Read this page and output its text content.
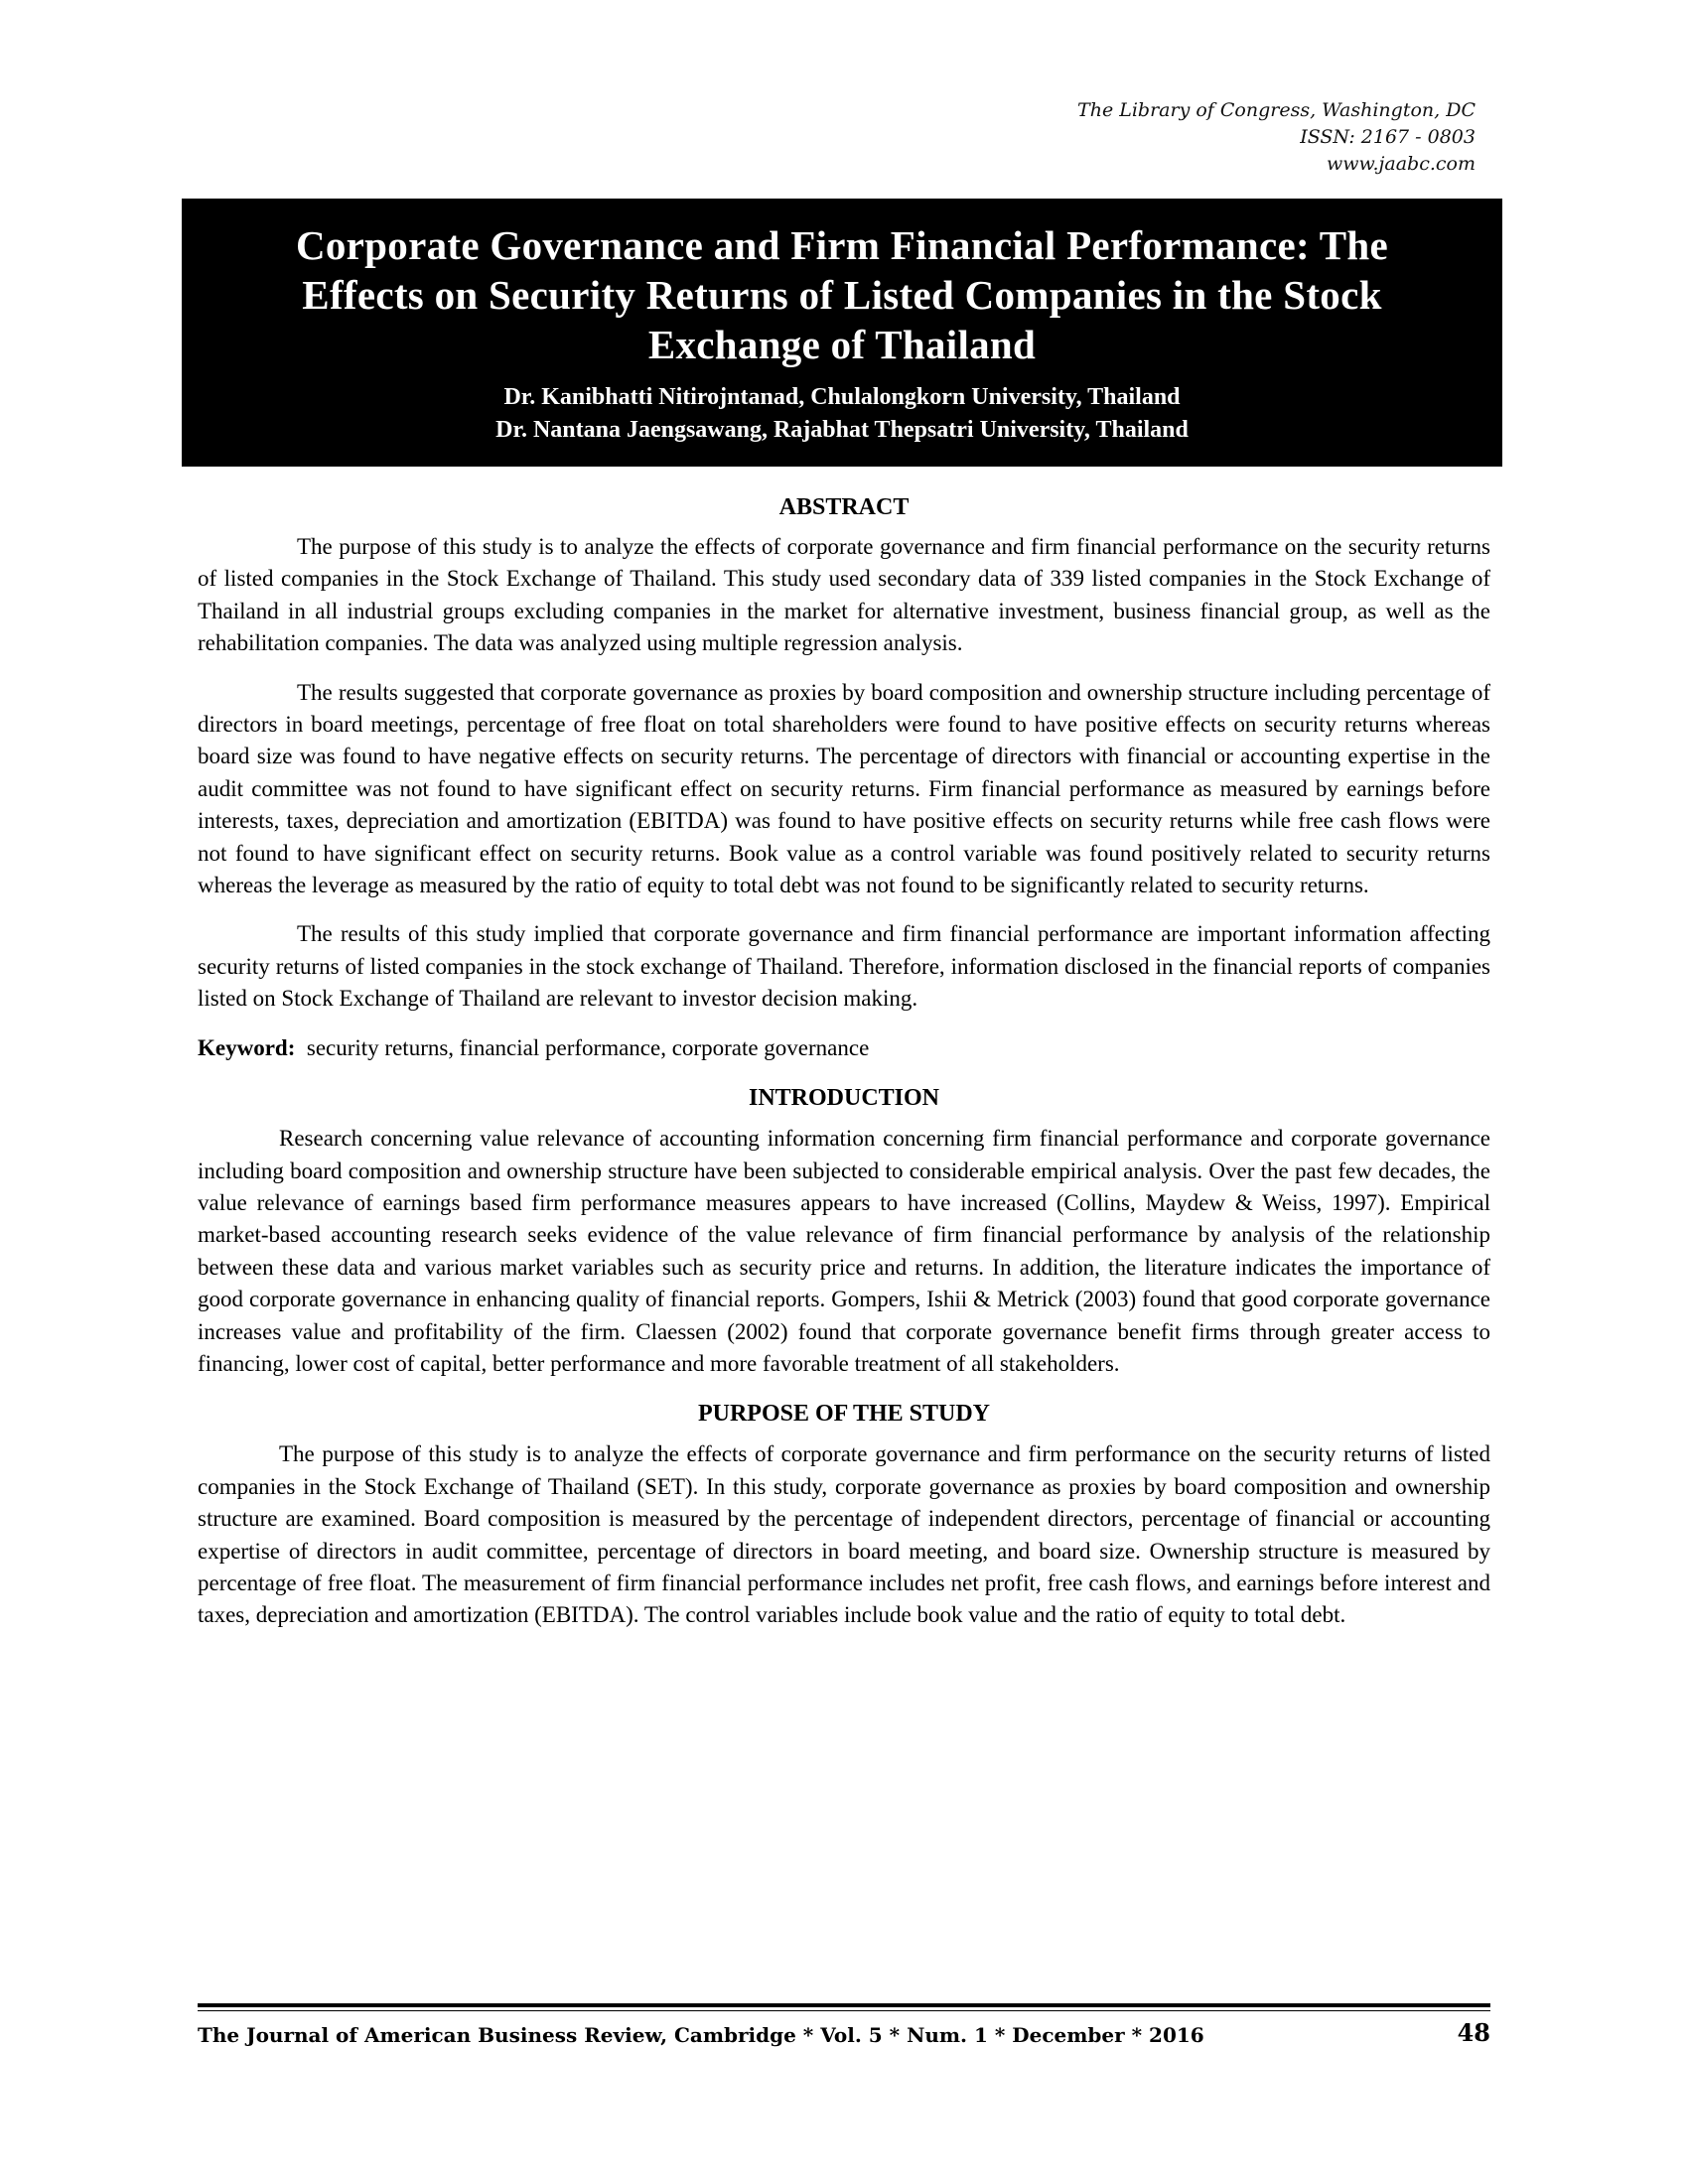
The Library of Congress, Washington, DC
ISSN: 2167 - 0803
www.jaabc.com
Corporate Governance and Firm Financial Performance: The Effects on Security Returns of Listed Companies in the Stock Exchange of Thailand
Dr. Kanibhatti Nitirojntanad, Chulalongkorn University, Thailand
Dr. Nantana Jaengsawang, Rajabhat Thepsatri University, Thailand
ABSTRACT

The purpose of this study is to analyze the effects of corporate governance and firm financial performance on the security returns of listed companies in the Stock Exchange of Thailand. This study used secondary data of 339 listed companies in the Stock Exchange of Thailand in all industrial groups excluding companies in the market for alternative investment, business financial group, as well as the rehabilitation companies. The data was analyzed using multiple regression analysis.

The results suggested that corporate governance as proxies by board composition and ownership structure including percentage of directors in board meetings, percentage of free float on total shareholders were found to have positive effects on security returns whereas board size was found to have negative effects on security returns. The percentage of directors with financial or accounting expertise in the audit committee was not found to have significant effect on security returns. Firm financial performance as measured by earnings before interests, taxes, depreciation and amortization (EBITDA) was found to have positive effects on security returns while free cash flows were not found to have significant effect on security returns. Book value as a control variable was found positively related to security returns whereas the leverage as measured by the ratio of equity to total debt was not found to be significantly related to security returns.

The results of this study implied that corporate governance and firm financial performance are important information affecting security returns of listed companies in the stock exchange of Thailand. Therefore, information disclosed in the financial reports of companies listed on Stock Exchange of Thailand are relevant to investor decision making.

Keyword: security returns, financial performance, corporate governance

INTRODUCTION

Research concerning value relevance of accounting information concerning firm financial performance and corporate governance including board composition and ownership structure have been subjected to considerable empirical analysis. Over the past few decades, the value relevance of earnings based firm performance measures appears to have increased (Collins, Maydew & Weiss, 1997). Empirical market-based accounting research seeks evidence of the value relevance of firm financial performance by analysis of the relationship between these data and various market variables such as security price and returns. In addition, the literature indicates the importance of good corporate governance in enhancing quality of financial reports. Gompers, Ishii & Metrick (2003) found that good corporate governance increases value and profitability of the firm. Claessen (2002) found that corporate governance benefit firms through greater access to financing, lower cost of capital, better performance and more favorable treatment of all stakeholders.

PURPOSE OF THE STUDY

The purpose of this study is to analyze the effects of corporate governance and firm performance on the security returns of listed companies in the Stock Exchange of Thailand (SET). In this study, corporate governance as proxies by board composition and ownership structure are examined. Board composition is measured by the percentage of independent directors, percentage of financial or accounting expertise of directors in audit committee, percentage of directors in board meeting, and board size. Ownership structure is measured by percentage of free float. The measurement of firm financial performance includes net profit, free cash flows, and earnings before interest and taxes, depreciation and amortization (EBITDA). The control variables include book value and the ratio of equity to total debt.

The Journal of American Business Review, Cambridge * Vol. 5 * Num. 1 * December * 2016	48
